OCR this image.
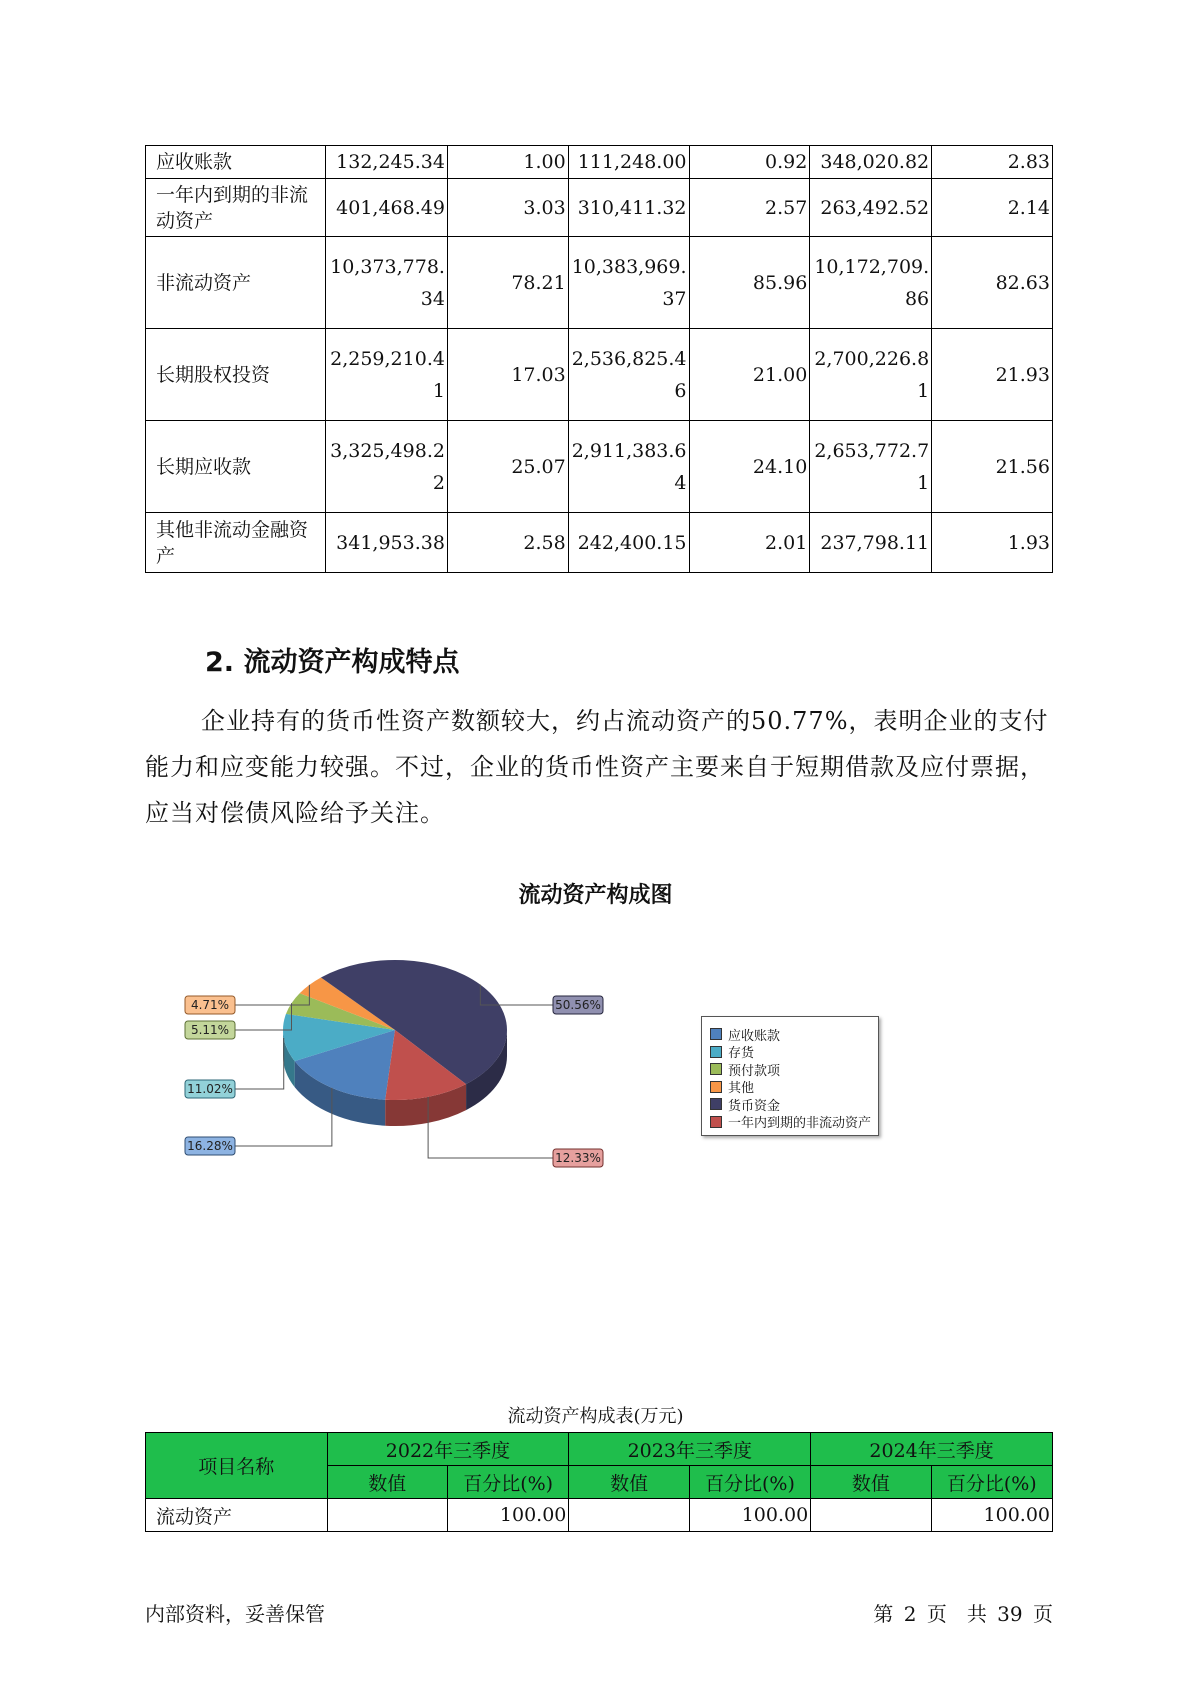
应收账款	132,245.34	1.00	111,248.00	0.92	348,020.82	2.83
一年内到期的非流动资产	401,468.49	3.03	310,411.32	2.57	263,492.52	2.14
非流动资产	10,373,778.34	78.21	10,383,969.37	85.96	10,172,709.86	82.63
长期股权投资	2,259,210.41	17.03	2,536,825.46	21.00	2,700,226.81	21.93
长期应收款	3,325,498.22	25.07	2,911,383.64	24.10	2,653,772.71	21.56
其他非流动金融资产	341,953.38	2.58	242,400.15	2.01	237,798.11	1.93
2. 流动资产构成特点

企业持有的货币性资产数额较大，约占流动资产的50.77%，表明企业的支付能力和应变能力较强。不过，企业的货币性资产主要来自于短期借款及应付票据，应当对偿债风险给予关注。

流动资产构成图
16.28%
11.02%
5.11%
4.71%	50.56%
12.33%
应收账款
存货
预付款项
其他
货币资金
一年内到期的非流动资产
流动资产构成表(万元)
项目名称	2022年三季度		2023年三季度		2024年三季度	
	数值	百分比(%)	数值	百分比(%)	数值	百分比(%)
流动资产		100.00		100.00		100.00
内部资料，妥善保管	第 2 页　共 39 页
